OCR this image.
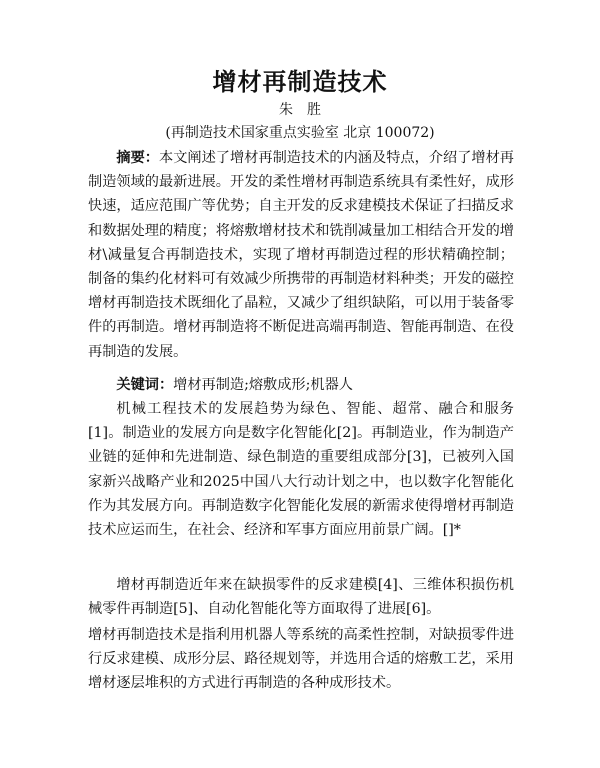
增材再制造技术
朱胜
(再制造技术国家重点实验室 北京 100072)

摘要：本文阐述了增材再制造技术的内涵及特点，介绍了增材再制造领域的最新进展。开发的柔性增材再制造系统具有柔性好，成形快速，适应范围广等优势；自主开发的反求建模技术保证了扫描反求和数据处理的精度；将熔敷增材技术和铣削减量加工相结合开发的增材\减量复合再制造技术，实现了增材再制造过程的形状精确控制；制备的集约化材料可有效减少所携带的再制造材料种类；开发的磁控增材再制造技术既细化了晶粒，又减少了组织缺陷，可以用于装备零件的再制造。增材再制造将不断促进高端再制造、智能再制造、在役再制造的发展。

关键词：增材再制造;熔敷成形;机器人

机械工程技术的发展趋势为绿色、智能、超常、融合和服务[1]。制造业的发展方向是数字化智能化[2]。再制造业，作为制造产业链的延伸和先进制造、绿色制造的重要组成部分[3]，已被列入国家新兴战略产业和2025中国八大行动计划之中，也以数字化智能化作为其发展方向。再制造数字化智能化发展的新需求使得增材再制造技术应运而生，在社会、经济和军事方面应用前景广阔。[]*

增材再制造近年来在缺损零件的反求建模[4]、三维体积损伤机械零件再制造[5]、自动化智能化等方面取得了进展[6]。

增材再制造技术是指利用机器人等系统的高柔性控制，对缺损零件进行反求建模、成形分层、路径规划等，并选用合适的熔敷工艺，采用增材逐层堆积的方式进行再制造的各种成形技术。
